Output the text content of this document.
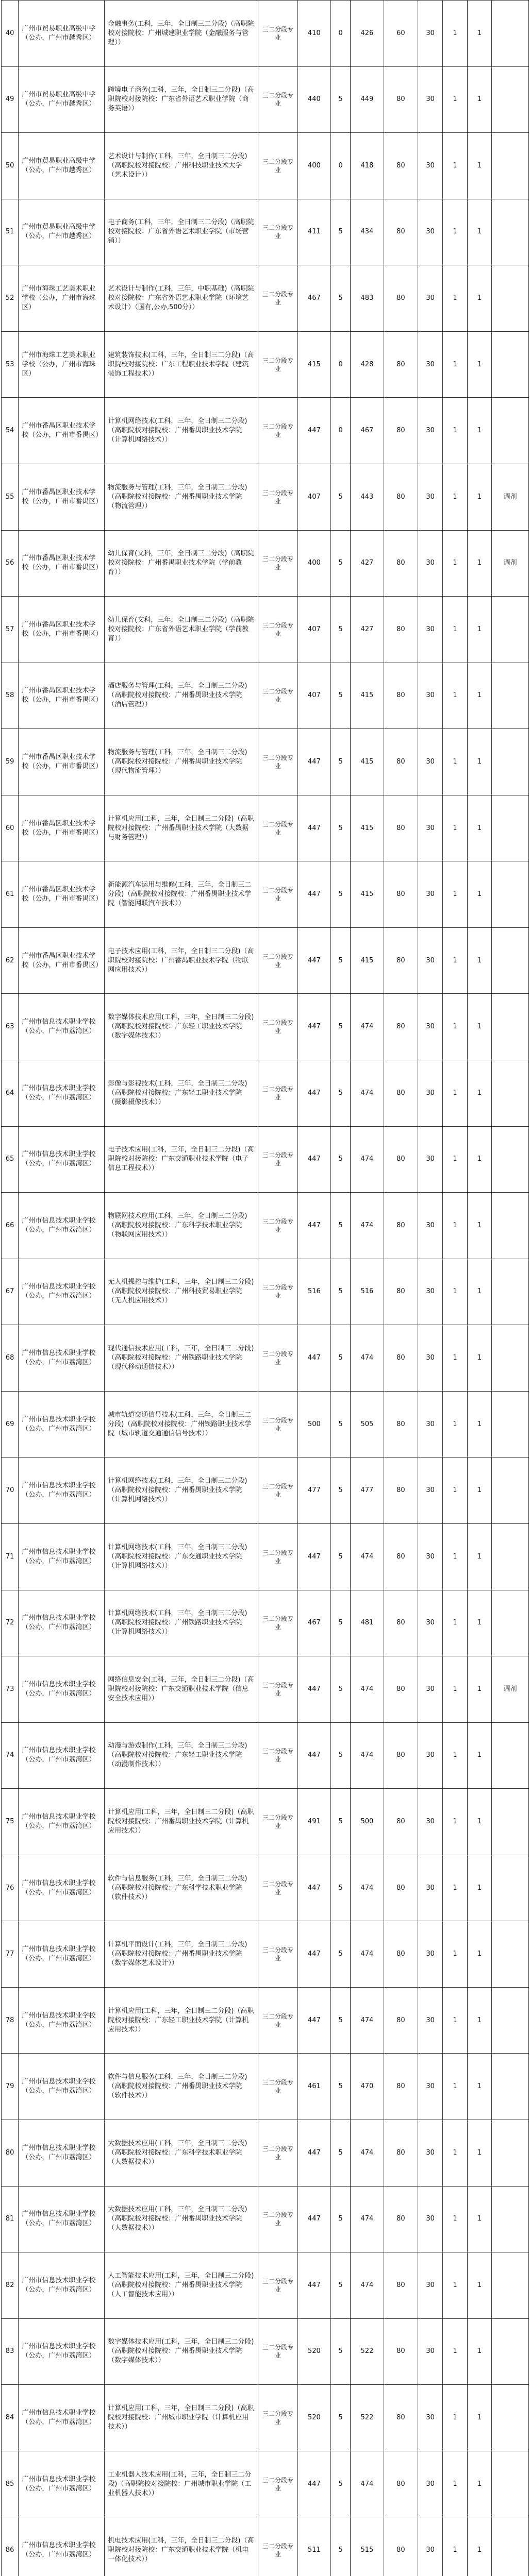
40	广州市贸易职业高级中学（公办，广州市越秀区）	金融事务(工科，三年，全日制三二分段)（高职院校对接院校：广州城建职业学院（金融服务与管理））	三二分段专业	410	0	426	60	30	1	1	
49	广州市贸易职业高级中学（公办，广州市越秀区）	跨境电子商务(工科，三年，全日制三二分段)（高职院校对接院校：广东省外语艺术职业学院（商务英语））	三二分段专业	440	5	449	80	30	1	1	
50	广州市贸易职业高级中学（公办，广州市越秀区）	艺术设计与制作(工科，三年，全日制三二分段)（高职院校对接院校：广州科技职业技术大学（艺术设计））	三二分段专业	400	0	418	80	30	1	1	
51	广州市贸易职业高级中学（公办，广州市越秀区）	电子商务(工科，三年，全日制三二分段)（高职院校对接院校：广东省外语艺术职业学院（市场营销））	三二分段专业	411	5	434	80	30	1	1	
52	广州市海珠工艺美术职业学校（公办，广州市海珠区）	艺术设计与制作(工科，三年，中职基础)（高职院校对接院校：广东省外语艺术职业学院（环境艺术设计）（国有,公办,500分））	三二分段专业	467	5	483	80	30	1	1	
53	广州市海珠工艺美术职业学校（公办，广州市海珠区）	建筑装饰技术(工科，三年，全日制三二分段)（高职院校对接院校：广东工程职业技术学院（建筑装饰工程技术））	三二分段专业	415	0	428	80	30	1	1	
54	广州市番禺区职业技术学校（公办，广州市番禺区）	计算机网络技术(工科，三年，全日制三二分段)（高职院校对接院校：广州番禺职业技术学院（计算机网络技术））	三二分段专业	447	0	467	80	30	1	1	
55	广州市番禺区职业技术学校（公办，广州市番禺区）	物流服务与管理(工科，三年，全日制三二分段)（高职院校对接院校：广州番禺职业技术学院（物流管理））	三二分段专业	407	5	443	80	30	1	1	调剂
56	广州市番禺区职业技术学校（公办，广州市番禺区）	幼儿保育(文科，三年，全日制三二分段)（高职院校对接院校：广州番禺职业技术学院（学前教育））	三二分段专业	400	5	427	80	30	1	1	调剂
57	广州市番禺区职业技术学校（公办，广州市番禺区）	幼儿保育(文科，三年，全日制三二分段)（高职院校对接院校：广东省外语艺术职业学院（学前教育））	三二分段专业	407	5	427	80	30	1	1	
58	广州市番禺区职业技术学校（公办，广州市番禺区）	酒店服务与管理(工科，三年，全日制三二分段)（高职院校对接院校：广州番禺职业技术学院（酒店管理））	三二分段专业	407	5	415	80	30	1	1	
59	广州市番禺区职业技术学校（公办，广州市番禺区）	物流服务与管理(工科，三年，全日制三二分段)（高职院校对接院校：广州番禺职业技术学院（现代物流管理））	三二分段专业	447	5	415	80	30	1	1	
60	广州市番禺区职业技术学校（公办，广州市番禺区）	计算机应用(工科，三年，全日制三二分段)（高职院校对接院校：广州番禺职业技术学院（大数据与财务管理））	三二分段专业	447	5	415	80	30	1	1	
61	广州市番禺区职业技术学校（公办，广州市番禺区）	新能源汽车运用与维修(工科，三年，全日制三二分段)（高职院校对接院校：广州番禺职业技术学院（智能网联汽车技术））	三二分段专业	447	5	415	80	30	1	1	
62	广州市番禺区职业技术学校（公办，广州市番禺区）	电子技术应用(工科，三年，全日制三二分段)（高职院校对接院校：广州番禺职业技术学院（物联网应用技术））	三二分段专业	447	5	415	80	30	1	1	
63	广州市信息技术职业学校（公办，广州市荔湾区）	数字媒体技术应用(工科，三年，全日制三二分段)（高职院校对接院校：广东轻工职业技术学院（数字媒体技术））	三二分段专业	447	5	474	80	30	1	1	
64	广州市信息技术职业学校（公办，广州市荔湾区）	影像与影视技术(工科，三年，全日制三二分段)（高职院校对接院校：广东轻工职业技术学院（摄影摄像技术））	三二分段专业	447	5	474	80	30	1	1	
65	广州市信息技术职业学校（公办，广州市荔湾区）	电子技术应用(工科，三年，全日制三二分段)（高职院校对接院校：广东交通职业技术学院（电子信息工程技术））	三二分段专业	447	5	474	80	30	1	1	
66	广州市信息技术职业学校（公办，广州市荔湾区）	物联网技术应用(工科，三年，全日制三二分段)（高职院校对接院校：广东科学技术职业学院（物联网应用技术））	三二分段专业	447	5	474	80	30	1	1	
67	广州市信息技术职业学校（公办，广州市荔湾区）	无人机操控与维护(工科，三年，全日制三二分段)（高职院校对接院校：广州科技贸易职业学院（无人机应用技术））	三二分段专业	516	5	516	80	30	1	1	
68	广州市信息技术职业学校（公办，广州市荔湾区）	现代通信技术应用(工科，三年，全日制三二分段)（高职院校对接院校：广州铁路职业技术学院（现代移动通信技术））	三二分段专业	447	5	474	80	30	1	1	
69	广州市信息技术职业学校（公办，广州市荔湾区）	城市轨道交通信号技术(工科，三年，全日制三二分段)（高职院校对接院校：广州铁路职业技术学院（城市轨道交通通信信号技术））	三二分段专业	500	5	505	80	30	1	1	
70	广州市信息技术职业学校（公办，广州市荔湾区）	计算机网络技术(工科，三年，全日制三二分段)（高职院校对接院校：广州番禺职业技术学院（计算机网络技术））	三二分段专业	477	5	477	80	30	1	1	
71	广州市信息技术职业学校（公办，广州市荔湾区）	计算机网络技术(工科，三年，全日制三二分段)（高职院校对接院校：广东交通职业技术学院（计算机网络技术））	三二分段专业	447	5	474	80	30	1	1	
72	广州市信息技术职业学校（公办，广州市荔湾区）	计算机网络技术(工科，三年，全日制三二分段)（高职院校对接院校：广州铁路职业技术学院（计算机网络技术））	三二分段专业	467	5	481	80	30	1	1	
73	广州市信息技术职业学校（公办，广州市荔湾区）	网络信息安全(工科，三年，全日制三二分段)（高职院校对接院校：广东交通职业技术学院（信息安全技术应用））	三二分段专业	447	5	474	80	30	1	1	调剂
74	广州市信息技术职业学校（公办，广州市荔湾区）	动漫与游戏制作(工科，三年，全日制三二分段)（高职院校对接院校：广东轻工职业技术学院（动漫制作技术））	三二分段专业	447	5	474	80	30	1	1	
75	广州市信息技术职业学校（公办，广州市荔湾区）	计算机应用(工科，三年，全日制三二分段)（高职院校对接院校：广州番禺职业技术学院（计算机应用技术））	三二分段专业	491	5	500	80	30	1	1	
76	广州市信息技术职业学校（公办，广州市荔湾区）	软件与信息服务(工科，三年，全日制三二分段)（高职院校对接院校：广东科学技术职业学院（软件技术））	三二分段专业	447	5	474	80	30	1	1	
77	广州市信息技术职业学校（公办，广州市荔湾区）	计算机平面设计(工科，三年，全日制三二分段)（高职院校对接院校：广州番禺职业技术学院（数字媒体艺术设计））	三二分段专业	447	5	474	80	30	1	1	
78	广州市信息技术职业学校（公办，广州市荔湾区）	计算机应用(工科，三年，全日制三二分段)（高职院校对接院校：广东轻工职业技术学院（计算机应用技术））	三二分段专业	447	5	474	80	30	1	1	
79	广州市信息技术职业学校（公办，广州市荔湾区）	软件与信息服务(工科，三年，全日制三二分段)（高职院校对接院校：广州番禺职业技术学院（软件技术））	三二分段专业	461	5	470	80	30	1	1	
80	广州市信息技术职业学校（公办，广州市荔湾区）	大数据技术应用(工科，三年，全日制三二分段)（高职院校对接院校：广东科学技术职业学院（大数据技术））	三二分段专业	447	5	474	80	30	1	1	
81	广州市信息技术职业学校（公办，广州市荔湾区）	大数据技术应用(工科，三年，全日制三二分段)（高职院校对接院校：广州番禺职业技术学院（大数据技术））	三二分段专业	447	5	474	80	30	1	1	
82	广州市信息技术职业学校（公办，广州市荔湾区）	人工智能技术应用(工科，三年，全日制三二分段)（高职院校对接院校：广州番禺职业技术学院（人工智能技术应用））	三二分段专业	447	5	474	80	30	1	1	
83	广州市信息技术职业学校（公办，广州市荔湾区）	数字媒体技术应用(工科，三年，全日制三二分段)（高职院校对接院校：广州番禺职业技术学院（数字媒体技术））	三二分段专业	520	5	522	80	30	1	1	
84	广州市信息技术职业学校（公办，广州市荔湾区）	计算机应用(工科，三年，全日制三二分段)（高职院校对接院校：广州城市职业学院（计算机应用技术））	三二分段专业	520	5	522	80	30	1	1	
85	广州市信息技术职业学校（公办，广州市荔湾区）	工业机器人技术应用(工科，三年，全日制三二分段)（高职院校对接院校：广州城市职业学院（工业机器人技术））	三二分段专业	447	5	474	80	30	1	1	
86	广州市信息技术职业学校（公办，广州市荔湾区）	机电技术应用(工科，三年，全日制三二分段)（高职院校对接院校：广东交通职业技术学院（机电一体化技术））	三二分段专业	511	5	515	80	30	1	1	
